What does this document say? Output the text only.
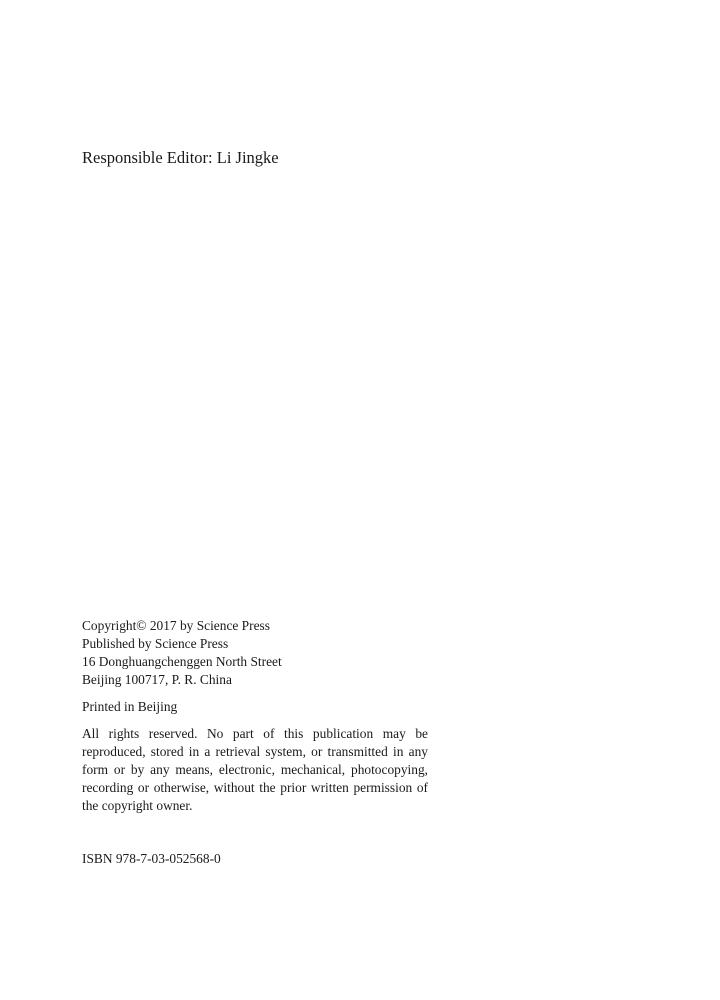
Responsible Editor: Li Jingke
Copyright© 2017 by Science Press
Published by Science Press
16 Donghuangchenggen North Street
Beijing 100717, P. R. China
Printed in Beijing

All rights reserved. No part of this publication may be reproduced, stored in a retrieval system, or transmitted in any form or by any means, electronic, mechanical, photocopying, recording or otherwise, without the prior written permission of the copyright owner.

ISBN 978-7-03-052568-0
